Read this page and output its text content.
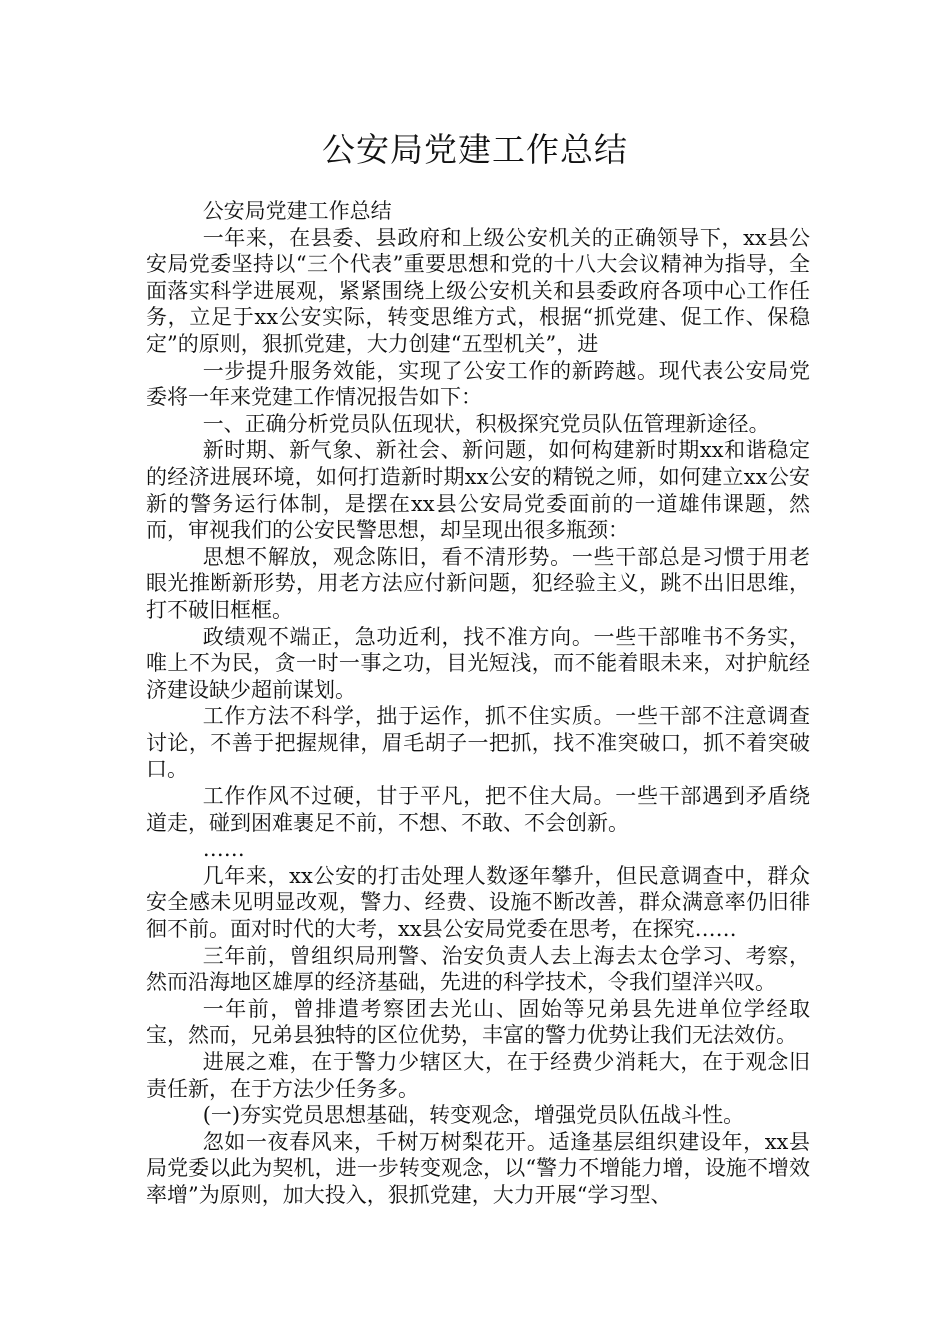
公安局党建工作总结

公安局党建工作总结

一年来，在县委、县政府和上级公安机关的正确领导下，xx县公安局党委坚持以“三个代表”重要思想和党的十八大会议精神为指导，全面落实科学进展观，紧紧围绕上级公安机关和县委政府各项中心工作任务，立足于xx公安实际，转变思维方式，根据“抓党建、促工作、保稳定”的原则，狠抓党建，大力创建“五型机关”，进

一步提升服务效能，实现了公安工作的新跨越。现代表公安局党委将一年来党建工作情况报告如下：

一、正确分析党员队伍现状，积极探究党员队伍管理新途径。

新时期、新气象、新社会、新问题，如何构建新时期xx和谐稳定的经济进展环境，如何打造新时期xx公安的精锐之师，如何建立xx公安新的警务运行体制，是摆在xx县公安局党委面前的一道雄伟课题，然而，审视我们的公安民警思想，却呈现出很多瓶颈：

思想不解放，观念陈旧，看不清形势。一些干部总是习惯于用老眼光推断新形势，用老方法应付新问题，犯经验主义，跳不出旧思维，打不破旧框框。

政绩观不端正，急功近利，找不准方向。一些干部唯书不务实，唯上不为民，贪一时一事之功，目光短浅，而不能着眼未来，对护航经济建设缺少超前谋划。

工作方法不科学，拙于运作，抓不住实质。一些干部不注意调查讨论，不善于把握规律，眉毛胡子一把抓，找不准突破口，抓不着突破口。

工作作风不过硬，甘于平凡，把不住大局。一些干部遇到矛盾绕道走，碰到困难裹足不前，不想、不敢、不会创新。

……

几年来，xx公安的打击处理人数逐年攀升，但民意调查中，群众安全感未见明显改观，警力、经费、设施不断改善，群众满意率仍旧徘徊不前。面对时代的大考，xx县公安局党委在思考，在探究……

三年前，曾组织局刑警、治安负责人去上海去太仓学习、考察，然而沿海地区雄厚的经济基础，先进的科学技术，令我们望洋兴叹。

一年前，曾排遣考察团去光山、固始等兄弟县先进单位学经取宝，然而，兄弟县独特的区位优势，丰富的警力优势让我们无法效仿。

进展之难，在于警力少辖区大，在于经费少消耗大，在于观念旧责任新，在于方法少任务多。

(一)夯实党员思想基础，转变观念，增强党员队伍战斗性。

忽如一夜春风来，千树万树梨花开。适逢基层组织建设年，xx县局党委以此为契机，进一步转变观念，以“警力不增能力增，设施不增效率增”为原则，加大投入，狠抓党建，大力开展“学习型、
